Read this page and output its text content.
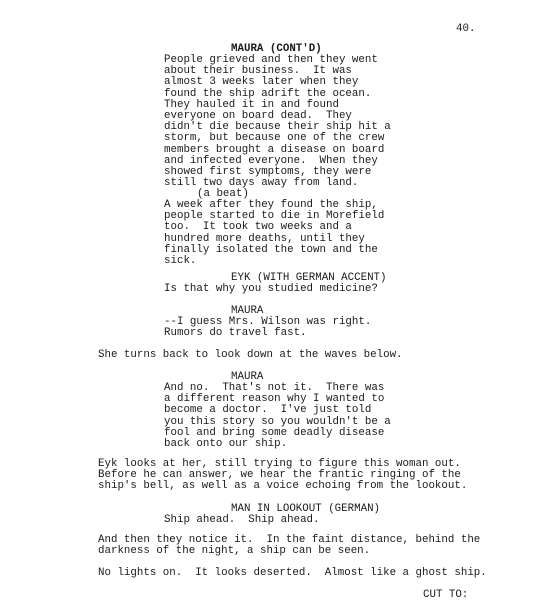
40.
MAURA (CONT'D)
People grieved and then they went
about their business.  It was
almost 3 weeks later when they
found the ship adrift the ocean.
They hauled it in and found
everyone on board dead.  They
didn't die because their ship hit a
storm, but because one of the crew
members brought a disease on board
and infected everyone.  When they
showed first symptoms, they were
still two days away from land.
(a beat)
A week after they found the ship,
people started to die in Morefield
too.  It took two weeks and a
hundred more deaths, until they
finally isolated the town and the
sick.
EYK (WITH GERMAN ACCENT)
Is that why you studied medicine?
MAURA
--I guess Mrs. Wilson was right.
Rumors do travel fast.
She turns back to look down at the waves below.
MAURA
And no.  That's not it.  There was
a different reason why I wanted to
become a doctor.  I've just told
you this story so you wouldn't be a
fool and bring some deadly disease
back onto our ship.
Eyk looks at her, still trying to figure this woman out.
Before he can answer, we hear the frantic ringing of the
ship's bell, as well as a voice echoing from the lookout.
MAN IN LOOKOUT (GERMAN)
Ship ahead.  Ship ahead.
And then they notice it.  In the faint distance, behind the
darkness of the night, a ship can be seen.
No lights on.  It looks deserted.  Almost like a ghost ship.
CUT TO:
